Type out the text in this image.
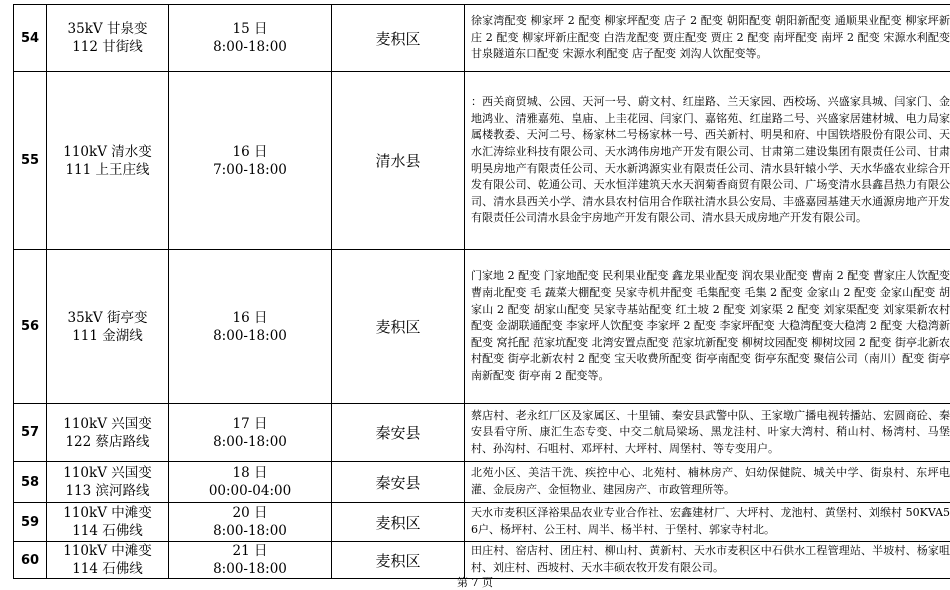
54	35kV 甘泉变
112 甘街线	15 日
8:00-18:00	麦积区	徐家湾配变 柳家坪 2 配变 柳家坪配变 店子 2 配变 朝阳配变 朝阳新配变 通顺果业配变 柳家坪新庄 2 配变 柳家坪新庄配变 白浩龙配变 贾庄配变 贾庄 2 配变 南坪配变 南坪 2 配变 宋源水利配变 甘泉隧道东口配变 宋源水利配变 店子配变 刘沟人饮配变等。
55	110kV 清水变
111 上王庄线	16 日
7:00-18:00	清水县	：西关商贸城、公园、天河一号、蔚文村、红崖路、兰天家园、西校场、兴盛家具城、闫家门、金地鸿业、清雅嘉苑、皇庙、上圭花园、闫家门、嘉铭苑、红崖路二号、兴盛家居建材城、电力局家属楼教委、天河二号、杨家林二号杨家林一号、西关新村、明昊和府、中国铁塔股份有限公司、天水汇涛综业科技有限公司、天水鸿伟房地产开发有限公司、甘肃第二建设集团有限责任公司、甘肃明昊房地产有限责任公司、天水新鸿源实业有限责任公司、清水县轩辕小学、天水华盛农业综合开发有限公司、乾通公司、天水恒洋建筑天水天润菊香商贸有限公司、广场变清水县鑫昌热力有限公司、清水县西关小学、清水县农村信用合作联社清水县公安局、丰盛嘉园基建天水通源房地产开发有限责任公司清水县金宇房地产开发有限公司、清水县天成房地产开发有限公司。
56	35kV 街亭变
111 金湖线	16 日
8:00-18:00	麦积区	门家地 2 配变 门家地配变 民利果业配变 鑫龙果业配变 润农果业配变 曹南 2 配变 曹家庄人饮配变 曹南北配变 毛 蔬菜大棚配变 吴家寺机井配变 毛集配变 毛集 2 配变 金家山 2 配变 金家山配变 胡家山 2 配变 胡家山配变 吴家寺基站配变 红土坡 2 配变 刘家渠 2 配变 刘家渠配变 刘家渠新农村配变 金湖联通配变 李家坪人饮配变 李家坪 2 配变 李家坪配变 大稳湾配变大稳湾 2 配变 大稳湾新配变 窝托配 范家坑配变 北湾安置点配变 范家坑新配变 柳树坟园配变 柳树坟园 2 配变 街亭北新农村配变 街亭北新农村 2 配变 宝天收费所配变 街亭南配变 街亭东配变 聚信公司（南川）配变 街亭南新配变 街亭南 2 配变等。
57	110kV 兴国变
122 蔡店路线	17 日
8:00-18:00	秦安县	蔡店村、老永红厂区及家属区、十里铺、秦安县武警中队、王家墩广播电视转播站、宏圆商砼、秦安县看守所、康汇生态专变、中交二航局梁场、黑龙洼村、叶家大湾村、稍山村、杨湾村、马堡村、孙沟村、石咀村、邓坪村、大坪村、周堡村、等专变用户。
58	110kV 兴国变
113 滨河路线	18 日
00:00-04:00	秦安县	北苑小区、美洁干洗、疾控中心、北苑村、楠林房产、妇幼保健院、城关中学、街泉村、东坪电灌、金辰房产、金恒物业、建园房产、市政管理所等。
59	110kV 中滩变
114 石佛线	20 日
8:00-18:00	麦积区	天水市麦积区泽裕果品农业专业合作社、宏鑫建材厂、大坪村、龙池村、黄堡村、刘缑村 50KVA56户、杨坪村、公王村、周半、杨半村、于堡村、郭家寺村北。
60	110kV 中滩变
114 石佛线	21 日
8:00-18:00	麦积区	田庄村、窑店村、团庄村、柳山村、黄新村、天水市麦积区中石供水工程管理站、半坡村、杨家咀村、刘庄村、西坡村、天水丰硕农牧开发有限公司。
第 7 页
